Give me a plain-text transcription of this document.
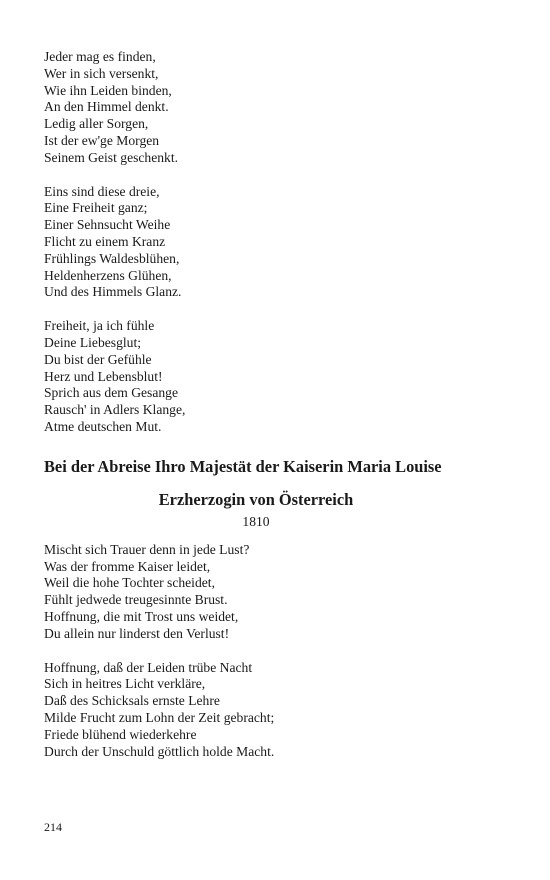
Jeder mag es finden,
Wer in sich versenkt,
Wie ihn Leiden binden,
An den Himmel denkt.
Ledig aller Sorgen,
Ist der ew'ge Morgen
Seinem Geist geschenkt.
Eins sind diese dreie,
Eine Freiheit ganz;
Einer Sehnsucht Weihe
Flicht zu einem Kranz
Frühlings Waldesblühen,
Heldenherzens Glühen,
Und des Himmels Glanz.
Freiheit, ja ich fühle
Deine Liebesglut;
Du bist der Gefühle
Herz und Lebensblut!
Sprich aus dem Gesange
Rausch' in Adlers Klange,
Atme deutschen Mut.
Bei der Abreise Ihro Majestät der Kaiserin Maria Louise
Erzherzogin von Österreich
1810
Mischt sich Trauer denn in jede Lust?
Was der fromme Kaiser leidet,
Weil die hohe Tochter scheidet,
Fühlt jedwede treugesinnte Brust.
Hoffnung, die mit Trost uns weidet,
Du allein nur linderst den Verlust!
Hoffnung, daß der Leiden trübe Nacht
Sich in heitres Licht verkläre,
Daß des Schicksals ernste Lehre
Milde Frucht zum Lohn der Zeit gebracht;
Friede blühend wiederkehre
Durch der Unschuld göttlich holde Macht.
214
